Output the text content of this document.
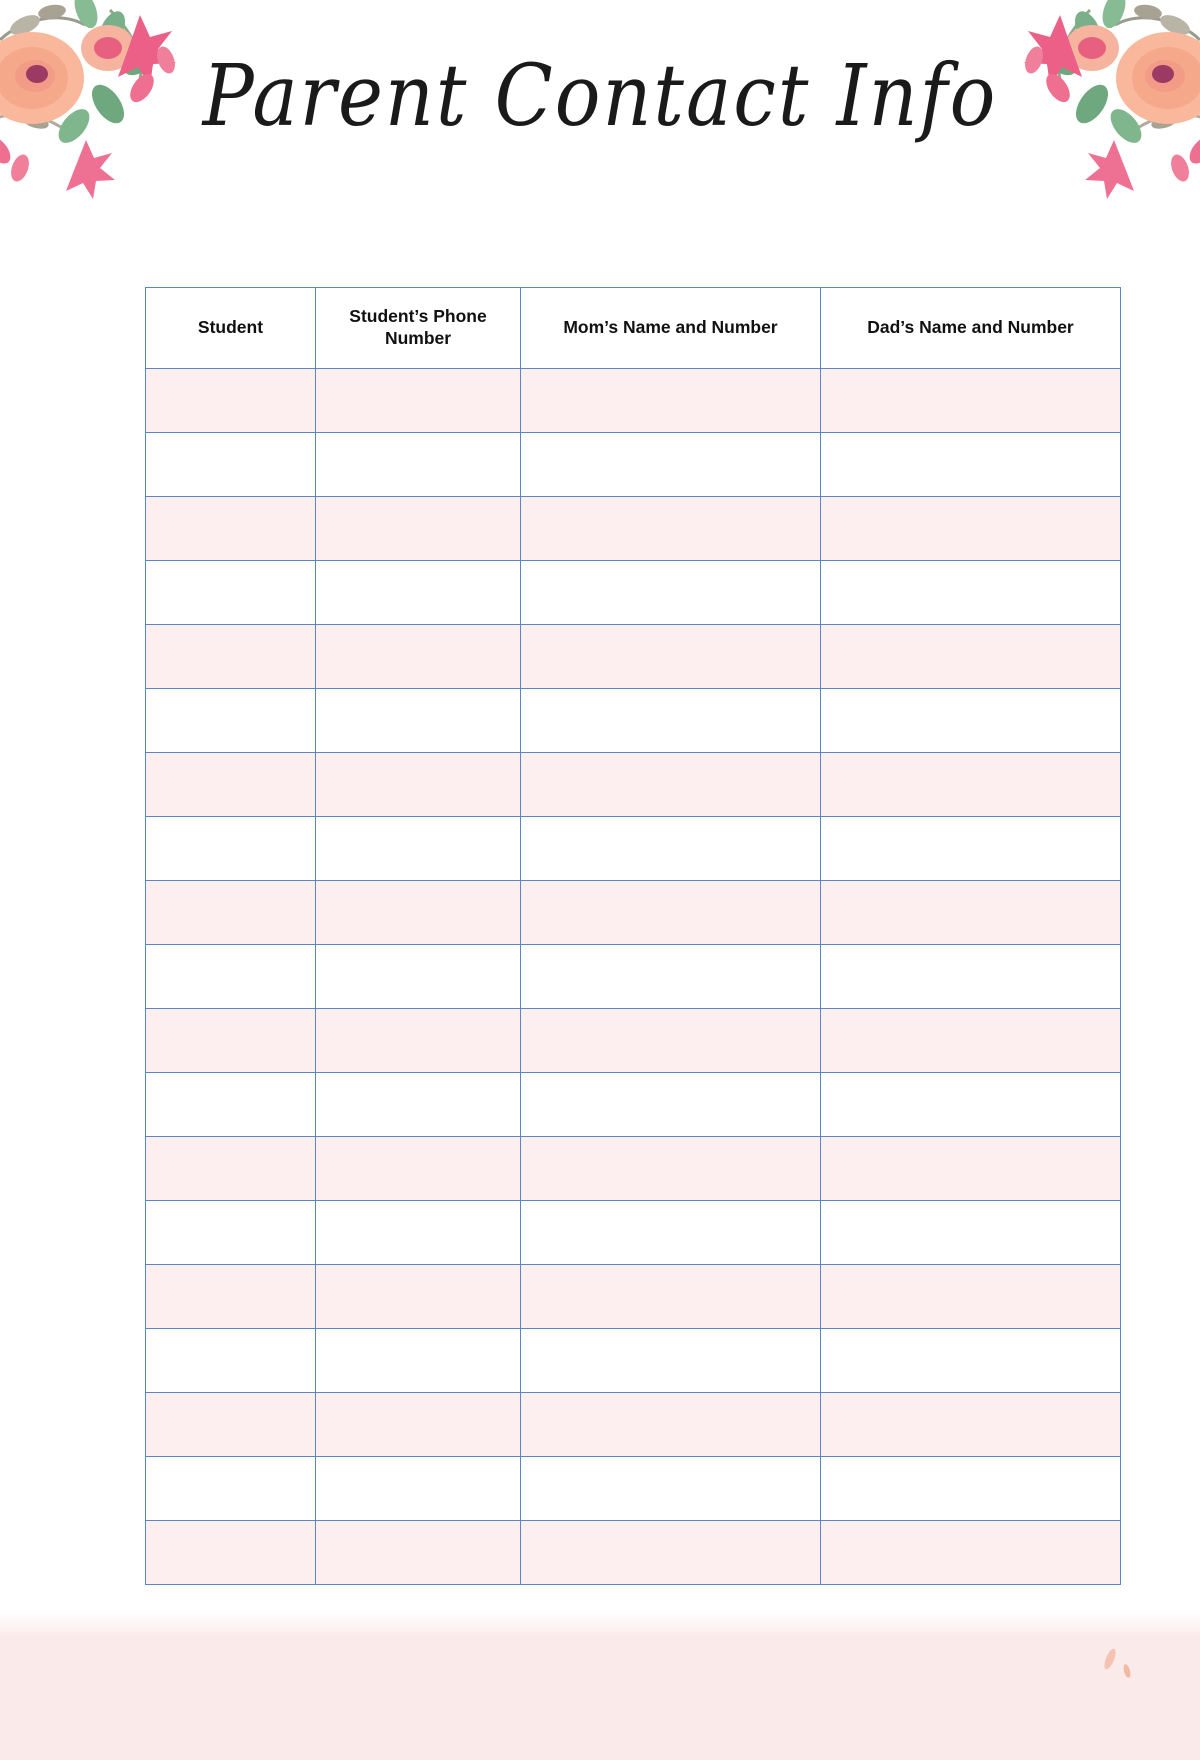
Parent Contact Info
Student	Student’s Phone Number	Mom’s Name and Number	Dad’s Name and Number
